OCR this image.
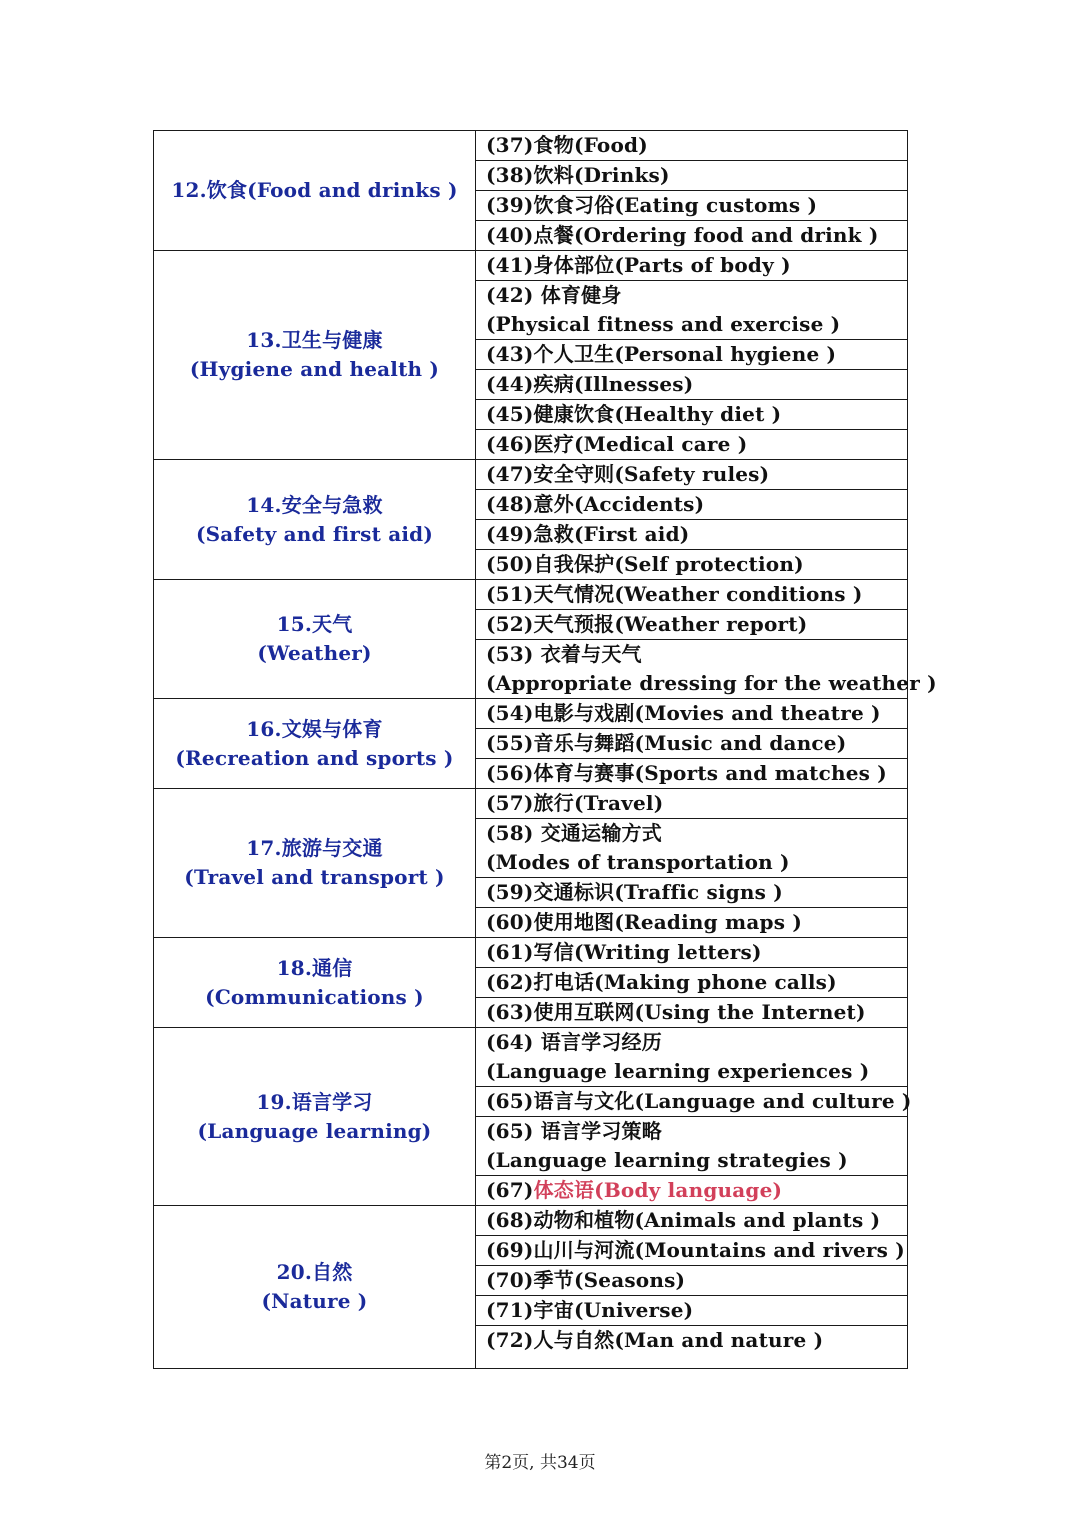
12.饮食(Food and drinks )	(37)食物(Food)

	(38)饮料(Drinks)

	(39)饮食习俗(Eating customs )

	(40)点餐(Ordering food and drink )

13.卫生与健康
(Hygiene and health )	(41)身体部位(Parts of body )

	(42) 体育健身
(Physical fitness and exercise )

	(43)个人卫生(Personal hygiene )

	(44)疾病(Illnesses)

	(45)健康饮食(Healthy diet )

	(46)医疗(Medical care )

14.安全与急救
(Safety and first aid)	(47)安全守则(Safety rules)

	(48)意外(Accidents)

	(49)急救(First aid)

	(50)自我保护(Self protection)

15.天气
(Weather)	(51)天气情况(Weather conditions )

	(52)天气预报(Weather report)

	(53) 衣着与天气
(Appropriate dressing for the weather )

16.文娱与体育
(Recreation and sports )	(54)电影与戏剧(Movies and theatre )

	(55)音乐与舞蹈(Music and dance)

	(56)体育与赛事(Sports and matches )

17.旅游与交通
(Travel and transport )	(57)旅行(Travel)

	(58) 交通运输方式
(Modes of transportation )

	(59)交通标识(Traffic signs )

	(60)使用地图(Reading maps )

18.通信
(Communications )	(61)写信(Writing letters)

	(62)打电话(Making phone calls)

	(63)使用互联网(Using the Internet)

19.语言学习
(Language learning)	(64) 语言学习经历
(Language learning experiences )

	(65)语言与文化(Language and culture )

	(65) 语言学习策略
(Language learning strategies )

	(67)体态语(Body language)

20.自然
(Nature )	(68)动物和植物(Animals and plants )

	(69)山川与河流(Mountains and rivers )

	(70)季节(Seasons)

	(71)宇宙(Universe)

	(72)人与自然(Man and nature )
第2页, 共34页
